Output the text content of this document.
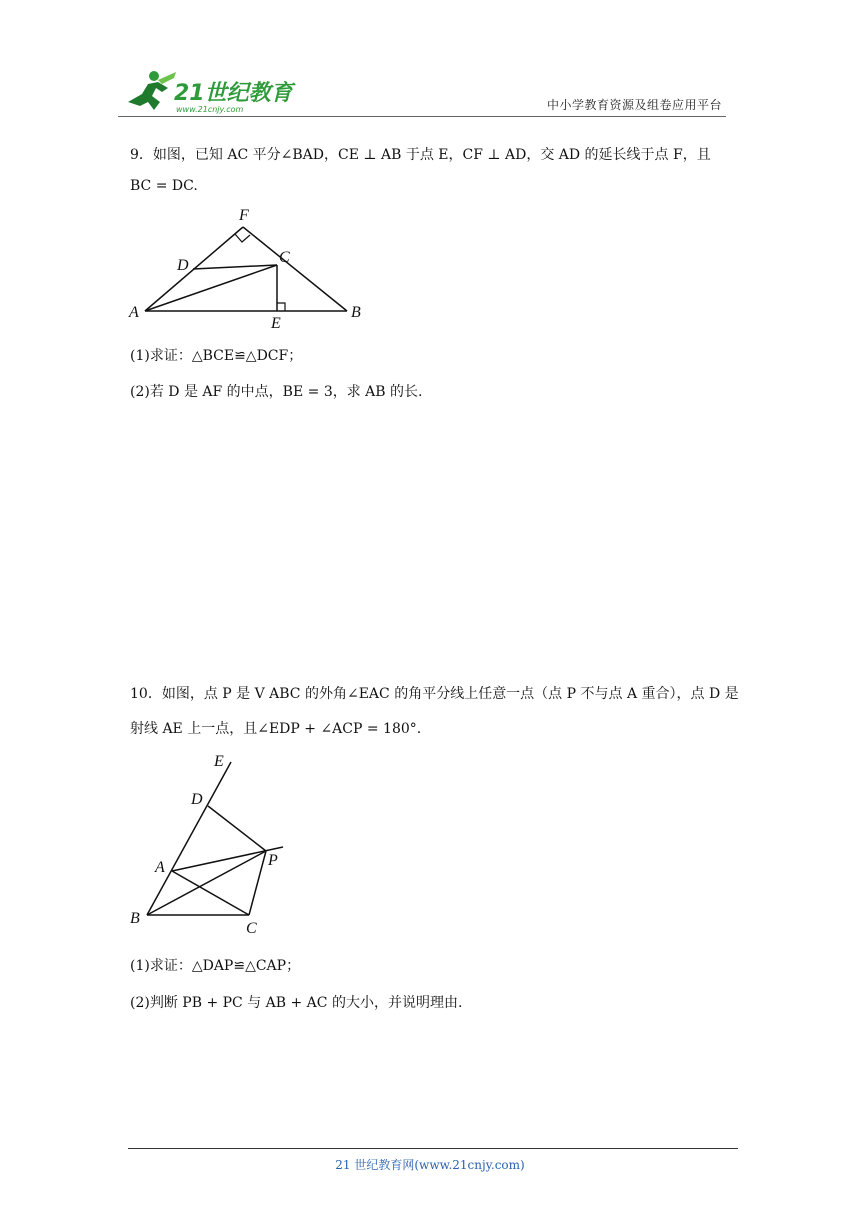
21世纪教育
www.21cnjy.com	中小学教育资源及组卷应用平台
9．如图，已知 AC 平分∠BAD，CE ⊥ AB 于点 E，CF ⊥ AD，交 AD 的延长线于点 F，且
BC = DC.
F
D	C
A
E
B
(1)求证：△BCE≌△DCF；
(2)若 D 是 AF 的中点，BE = 3，求 AB 的长.
10．如图，点 P 是 V ABC 的外角∠EAC 的角平分线上任意一点（点 P 不与点 A 重合），点 D 是
射线 AE 上一点，且∠EDP + ∠ACP = 180°.
E
D
A	P
B
C
(1)求证：△DAP≌△CAP；
(2)判断 PB + PC 与 AB + AC 的大小，并说明理由.
21 世纪教育网(www.21cnjy.com)
